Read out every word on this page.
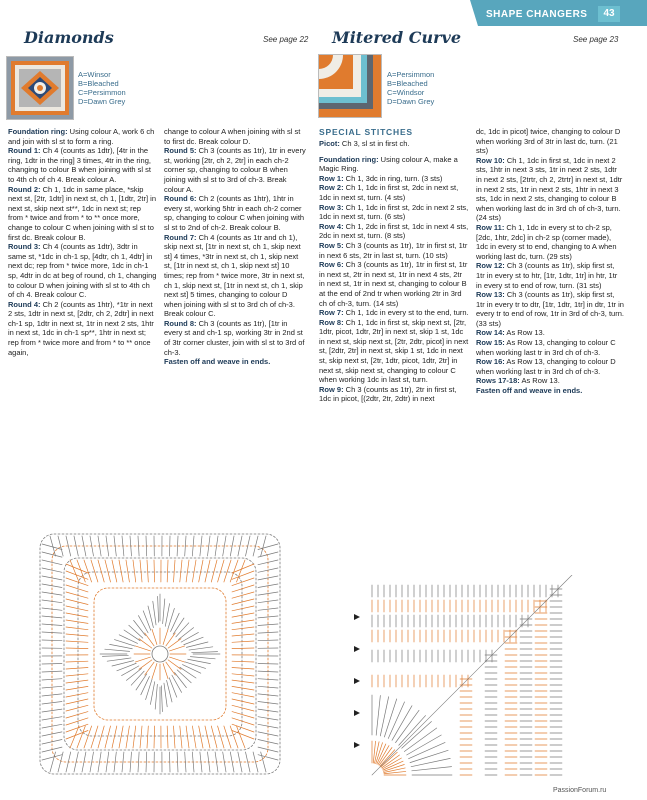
SHAPE CHANGERS	43
Diamonds	See page 22
A=Winsor
B=Bleached
C=Persimmon
D=Dawn Grey

Foundation ring: Using colour A, work 6 ch and join with sl st to form a ring.

Round 1: Ch 4 (counts as 1dtr), [4tr in the ring, 1dtr in the ring] 3 times, 4tr in the ring, changing to colour B when joining with sl st to 4th ch of ch 4. Break colour A.

Round 2: Ch 1, 1dc in same place, *skip next st, [2tr, 1dtr] in next st, ch 1, [1dtr, 2tr] in next st, skip next st**, 1dc in next st; rep from * twice and from * to ** once more, change to colour C when joining with sl st to first dc. Break colour B.

Round 3: Ch 4 (counts as 1dtr), 3dtr in same st, *1dc in ch-1 sp, [4dtr, ch 1, 4dtr] in next dc; rep from * twice more, 1dc in ch-1 sp, 4dtr in dc at beg of round, ch 1, changing to colour D when joining with sl st to 4th ch of ch 4. Break colour C.

Round 4: Ch 2 (counts as 1htr), *1tr in next 2 sts, 1dtr in next st, [2dtr, ch 2, 2dtr] in next ch-1 sp, 1dtr in next st, 1tr in next 2 sts, 1htr in next st, 1dc in ch-1 sp**, 1htr in next st; rep from * twice more and from * to ** once again,

change to colour A when joining with sl st to first dc. Break colour D.

Round 5: Ch 3 (counts as 1tr), 1tr in every st, working [2tr, ch 2, 2tr] in each ch-2 corner sp, changing to colour B when joining with sl st to 3rd of ch-3. Break colour A.

Round 6: Ch 2 (counts as 1htr), 1htr in every st, working 5htr in each ch-2 corner sp, changing to colour C when joining with sl st to 2nd of ch-2. Break colour B.

Round 7: Ch 4 (counts as 1tr and ch 1), skip next st, [1tr in next st, ch 1, skip next st] 4 times, *3tr in next st, ch 1, skip next st, [1tr in next st, ch 1, skip next st] 10 times; rep from * twice more, 3tr in next st, ch 1, skip next st, [1tr in next st, ch 1, skip next st] 5 times, changing to colour D when joining with sl st to 3rd ch of ch-3. Break colour C.

Round 8: Ch 3 (counts as 1tr), [1tr in every st and ch-1 sp, working 3tr in 2nd st of 3tr corner cluster, join with sl st to 3rd of ch-3.

Fasten off and weave in ends.

Mitered Curve	See page 23
A=Persimmon
B=Bleached
C=Windsor
D=Dawn Grey
SPECIAL STITCHES

Picot: Ch 3, sl st in first ch.

Foundation ring: Using colour A, make a Magic Ring.

Row 1: Ch 1, 3dc in ring, turn. (3 sts)

Row 2: Ch 1, 1dc in first st, 2dc in next st, 1dc in next st, turn. (4 sts)

Row 3: Ch 1, 1dc in first st, 2dc in next 2 sts, 1dc in next st, turn. (6 sts)

Row 4: Ch 1, 2dc in first st, 1dc in next 4 sts, 2dc in next st, turn. (8 sts)

Row 5: Ch 3 (counts as 1tr), 1tr in first st, 1tr in next 6 sts, 2tr in last st, turn. (10 sts)

Row 6: Ch 3 (counts as 1tr), 1tr in first st, 1tr in next st, 2tr in next st, 1tr in next 4 sts, 2tr in next st, 1tr in next st, changing to colour B at the end of 2nd tr when working 2tr in 3rd ch of ch-3, turn. (14 sts)

Row 7: Ch 1, 1dc in every st to the end, turn.

Row 8: Ch 1, 1dc in first st, skip next st, [2tr, 1dtr, picot, 1dtr, 2tr] in next st, skip 1 st, 1dc in next st, skip next st, [2tr, 2dtr, picot] in next st, [2dtr, 2tr] in next st, skip 1 st, 1dc in next st, skip next st, [2tr, 1dtr, picot, 1dtr, 2tr] in next st, skip next st, changing to colour C when working 1dc in last st, turn.

Row 9: Ch 3 (counts as 1tr), 2tr in first st, 1dc in picot, [(2dtr, 2tr, 2dtr) in next

dc, 1dc in picot] twice, changing to colour D when working 3rd of 3tr in last dc, turn. (21 sts)

Row 10: Ch 1, 1dc in first st, 1dc in next 2 sts, 1htr in next 3 sts, 1tr in next 2 sts, 1dtr in next 2 sts, [2trtr, ch 2, 2trtr] in next st, 1dtr in next 2 sts, 1tr in next 2 sts, 1htr in next 3 sts, 1dc in next 2 sts, changing to colour B when working last dc in 3rd ch of ch-3, turn. (24 sts)

Row 11: Ch 1, 1dc in every st to ch-2 sp, [2dc, 1htr, 2dc] in ch-2 sp (corner made), 1dc in every st to end, changing to A when working last dc, turn. (29 sts)

Row 12: Ch 3 (counts as 1tr), skip first st, 1tr in every st to htr, [1tr, 1dtr, 1tr] in htr, 1tr in every st to end of row, turn. (31 sts)

Row 13: Ch 3 (counts as 1tr), skip first st, 1tr in every tr to dtr, [1tr, 1dtr, 1tr] in dtr, 1tr in every tr to end of row, 1tr in 3rd of ch-3, turn. (33 sts)

Row 14: As Row 13.

Row 15: As Row 13, changing to colour C when working last tr in 3rd ch of ch-3.

Row 16: As Row 13, changing to colour D when working last tr in 3rd ch of ch-3.

Rows 17-18: As Row 13.

Fasten off and weave in ends.

PassionForum.ru
